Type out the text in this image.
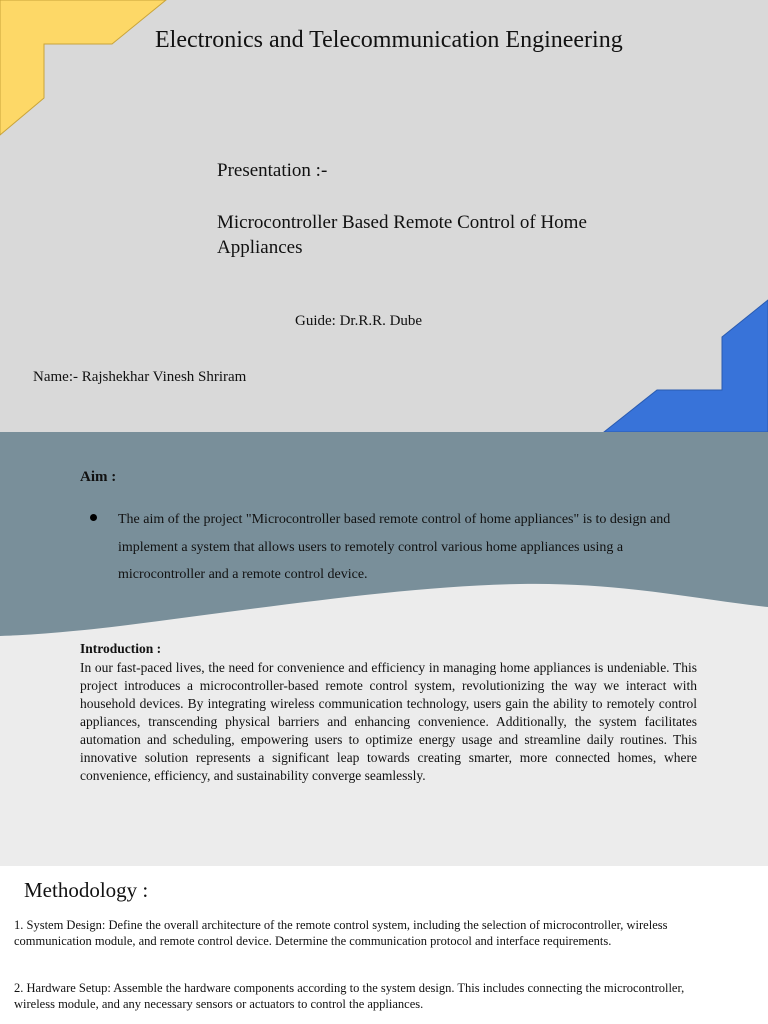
Electronics and Telecommunication Engineering
Presentation :-
Microcontroller Based Remote Control of Home Appliances
Guide: Dr.R.R. Dube
Name:- Rajshekhar Vinesh Shriram
Aim :
The aim of the project "Microcontroller based remote control of home appliances" is to design and implement a system that allows users to remotely control various home appliances using a microcontroller and a remote control device.
Introduction :
In our fast-paced lives, the need for convenience and efficiency in managing home appliances is undeniable. This project introduces a microcontroller-based remote control system, revolutionizing the way we interact with household devices. By integrating wireless communication technology, users gain the ability to remotely control appliances, transcending physical barriers and enhancing convenience. Additionally, the system facilitates automation and scheduling, empowering users to optimize energy usage and streamline daily routines. This innovative solution represents a significant leap towards creating smarter, more connected homes, where convenience, efficiency, and sustainability converge seamlessly.
Methodology :
1. System Design: Define the overall architecture of the remote control system, including the selection of microcontroller, wireless communication module, and remote control device. Determine the communication protocol and interface requirements.
2. Hardware Setup: Assemble the hardware components according to the system design. This includes connecting the microcontroller, wireless module, and any necessary sensors or actuators to control the appliances.
